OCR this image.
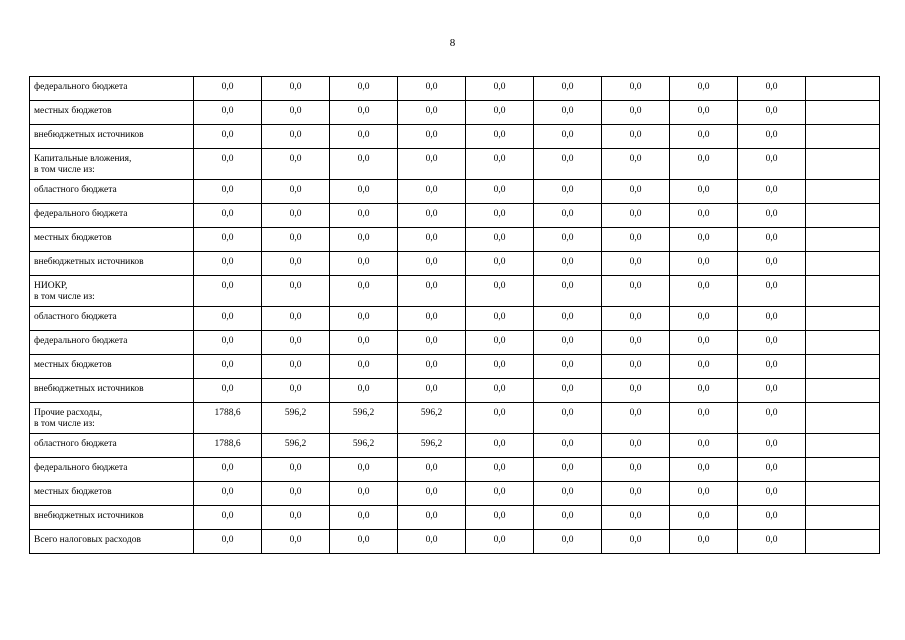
8
федерального бюджета	0,0	0,0	0,0	0,0	0,0	0,0	0,0	0,0	0,0	

местных бюджетов	0,0	0,0	0,0	0,0	0,0	0,0	0,0	0,0	0,0	

внебюджетных источников	0,0	0,0	0,0	0,0	0,0	0,0	0,0	0,0	0,0	

Капитальные вложения,
в том числе из:	0,0	0,0	0,0	0,0	0,0	0,0	0,0	0,0	0,0	

областного бюджета	0,0	0,0	0,0	0,0	0,0	0,0	0,0	0,0	0,0	

федерального бюджета	0,0	0,0	0,0	0,0	0,0	0,0	0,0	0,0	0,0	

местных бюджетов	0,0	0,0	0,0	0,0	0,0	0,0	0,0	0,0	0,0	

внебюджетных источников	0,0	0,0	0,0	0,0	0,0	0,0	0,0	0,0	0,0	

НИОКР,
в том числе из:	0,0	0,0	0,0	0,0	0,0	0,0	0,0	0,0	0,0	

областного бюджета	0,0	0,0	0,0	0,0	0,0	0,0	0,0	0,0	0,0	

федерального бюджета	0,0	0,0	0,0	0,0	0,0	0,0	0,0	0,0	0,0	

местных бюджетов	0,0	0,0	0,0	0,0	0,0	0,0	0,0	0,0	0,0	

внебюджетных источников	0,0	0,0	0,0	0,0	0,0	0,0	0,0	0,0	0,0	

Прочие расходы,
в том числе из:	1788,6	596,2	596,2	596,2	0,0	0,0	0,0	0,0	0,0	

областного бюджета	1788,6	596,2	596,2	596,2	0,0	0,0	0,0	0,0	0,0	

федерального бюджета	0,0	0,0	0,0	0,0	0,0	0,0	0,0	0,0	0,0	

местных бюджетов	0,0	0,0	0,0	0,0	0,0	0,0	0,0	0,0	0,0	

внебюджетных источников	0,0	0,0	0,0	0,0	0,0	0,0	0,0	0,0	0,0	

Всего налоговых расходов	0,0	0,0	0,0	0,0	0,0	0,0	0,0	0,0	0,0	
